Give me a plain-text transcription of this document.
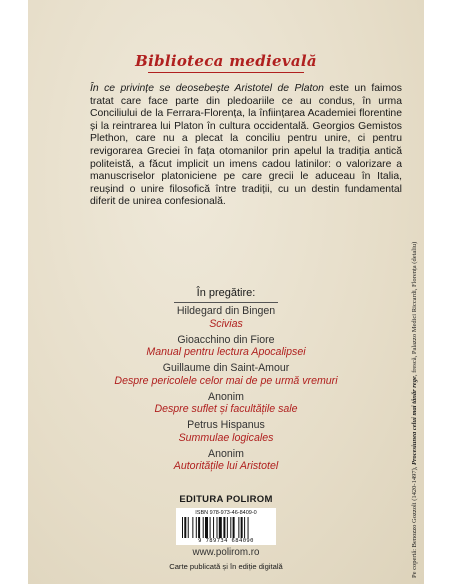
Biblioteca medievală
În ce privințe se deosebește Aristotel de Platon este un faimos tratat care face parte din pledoariile ce au condus, în urma Conciliului de la Ferrara-Florența, la înființarea Academiei florentine și la reintrarea lui Platon în cultura occidentală. Georgios Gemistos Plethon, care nu a plecat la conciliu pentru unire, ci pentru revigorarea Greciei în fața otomanilor prin apelul la tradiția antică politeistă, a făcut implicit un imens cadou latinilor: o valorizare a manuscriselor platoniciene pe care grecii le aduceau în Italia, reușind o unire filosofică între tradiții, cu un destin fundamental diferit de unirea confesională.
În pregătire:
Hildegard din Bingen
Scivias
Gioacchino din Fiore
Manual pentru lectura Apocalipsei
Guillaume din Saint-Amour
Despre pericolele celor mai de pe urmă vremuri
Anonim
Despre suflet și facultățile sale
Petrus Hispanus
Summulae logicales
Anonim
Autoritățile lui Aristotel
EDITURA POLIROM
ISBN 978-973-46-8409-0
9 789734 684090
www.polirom.ro
Carte publicată și în ediție digitală	Pe copertă: Benozzo Gozzoli (1420-1497), Procesiunea celui mai tânăr rege, frescă, Palazzo Medici Riccardi, Florența (detaliu)
